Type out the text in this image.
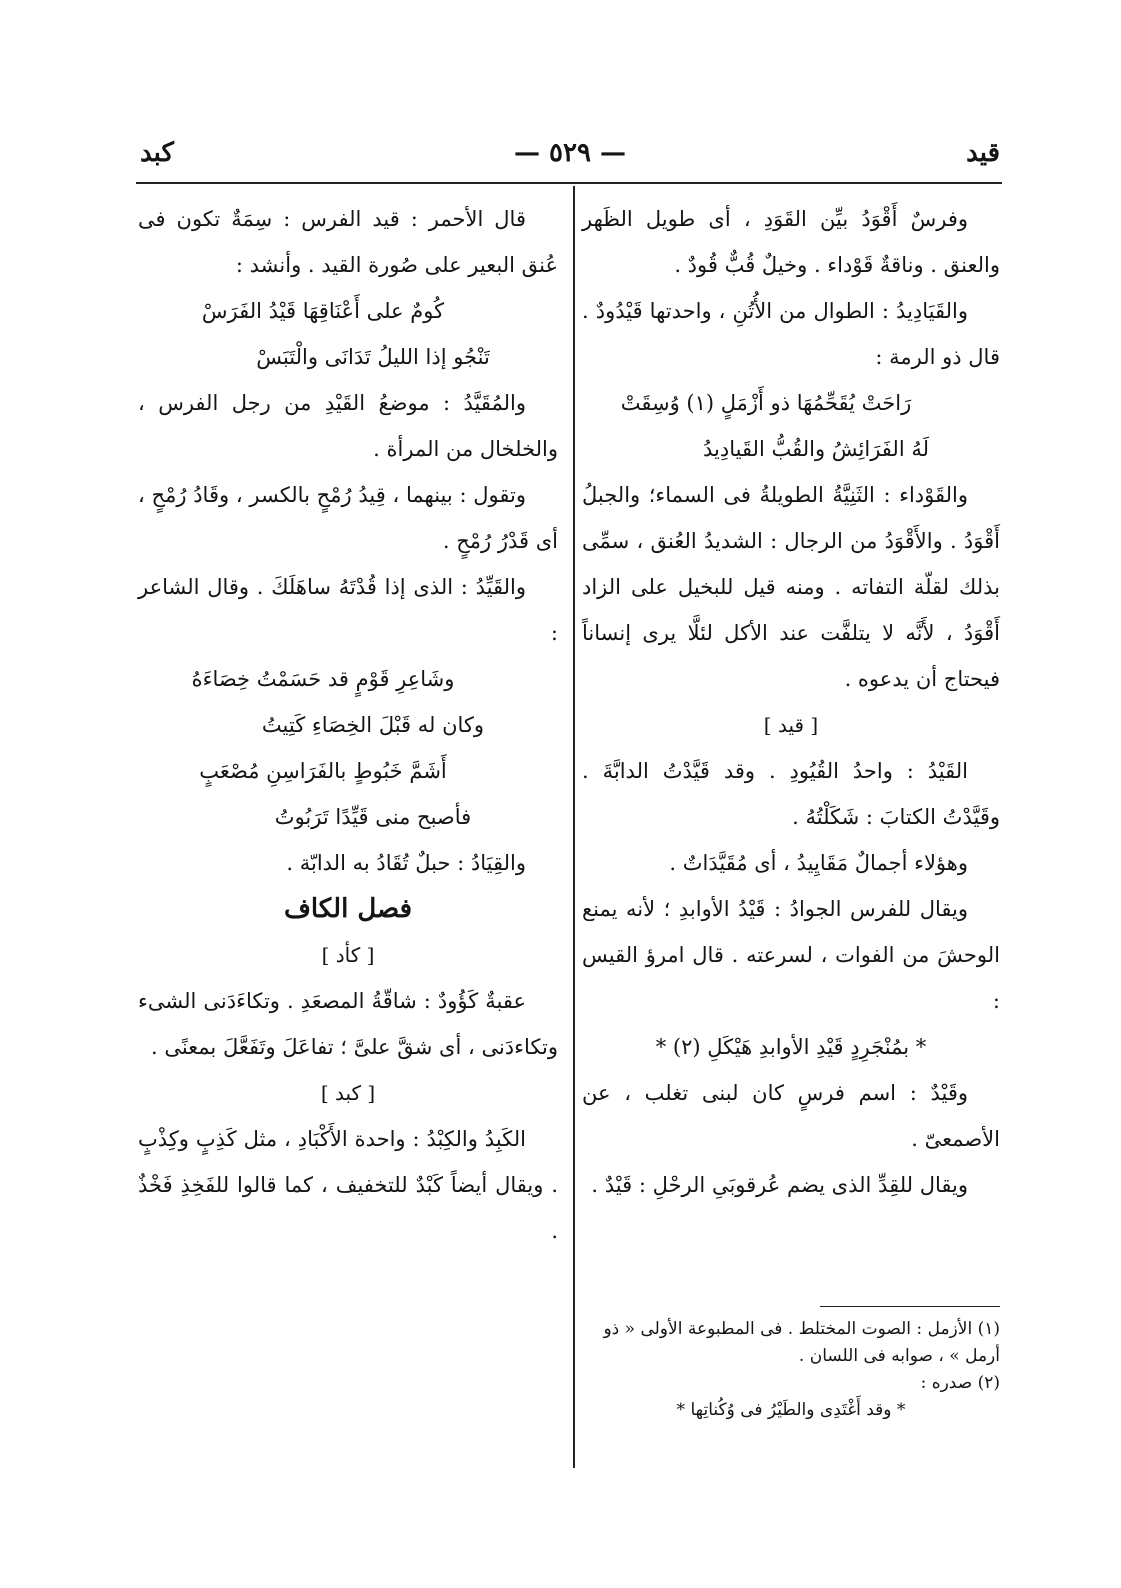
قيد
— ٥٢٩ —
كبد

وفرسٌ أَقْوَدُ بيِّن القَوَدِ ، أى طويل الظَهر والعنق . وناقةٌ قَوْداء . وخيلٌ قُبٌّ قُودٌ .

والقَيَادِيدُ : الطوال من الأُتُنِ ، واحدتها قَيْدُودٌ . قال ذو الرمة :

رَاحَتْ يُقَحِّمُهَا ذو أَزْمَلٍ (١) وُسِقَتْ

لَهُ الفَرَائِشُ والقُبُّ القَيادِيدُ

والقَوْداء : الثَنِيَّةُ الطويلةُ فى السماء؛ والجبلُ أَقْوَدُ . والأَقْوَدُ من الرجال : الشديدُ العُنق ، سمِّى بذلك لقلّة التفاته . ومنه قيل للبخيل على الزاد أَقْوَدُ ، لأَنَّه لا يتلفَّت عند الأكل لئلَّا يرى إنساناً فيحتاج أن يدعوه .

[ قيد ]

القَيْدُ : واحدُ القُيُودِ . وقد قَيَّدْتُ الدابَّةَ . وقَيَّدْتُ الكتابَ : شَكَلْتُهُ .

وهؤلاء أجمالٌ مَقَايِيدُ ، أى مُقَيَّدَاتٌ .

ويقال للفرس الجوادُ : قَيْدُ الأوابدِ ؛ لأنه يمنع الوحشَ من الفوات ، لسرعته . قال امرؤ القيس :

* بمُنْجَرِدٍ قَيْدِ الأوابدِ هَيْكَلِ (٢) *

وقَيْدٌ : اسم فرسٍ كان لبنى تغلب ، عن الأصمعىّ .

ويقال للقِدِّ الذى يضم عُرقوبَىِ الرحْلِ : قَيْدٌ .

(١) الأزمل : الصوت المختلط . فى المطبوعة الأولى « ذو أرمل » ، صوابه فى اللسان .

(٢) صدره :

* وقد أَغْتَدِى والطَيْرُ فى وُكُناتِها *

قال الأحمر : قيد الفرس : سِمَةٌ تكون فى عُنق البعير على صُورة القيد . وأنشد :

كُومٌ على أَعْنَاقِهَا قَيْدُ الفَرَسْ

تَنْجُو إذا الليلُ تَدَانَى والْتَبَسْ

والمُقَيَّدُ : موضعُ القَيْدِ من رجل الفرس ، والخلخال من المرأة .

وتقول : بينهما ، قِيدُ رُمْحٍ بالكسر ، وقَادُ رُمْحٍ ، أى قَدْرُ رُمْحٍ .

والقَيِّدُ : الذى إذا قُدْتَهُ ساهَلَكَ . وقال الشاعر :

وشَاعِرِ قَوْمٍ قد حَسَمْتُ خِصَاءَهُ

وكان له قَبْلَ الخِصَاءِ كَتِيتُ

أَشَمَّ خَبُوطٍ بالفَرَاسِنِ مُصْعَبٍ

فأصبح منى قَيِّدًا تَرَبُوتُ

والقِيَادُ : حبلٌ تُقَادُ به الدابّة .

فصل الكاف

[ كأد ]

عقبةٌ كَؤُودٌ : شاقّةُ المصعَدِ . وتكاءَدَنى الشىء وتكاءدَنى ، أى شقَّ علىَّ ؛ تفاعَلَ وتَفَعَّلَ بمعنًى .

[ كبد ]

الكَبِدُ والكِبْدُ : واحدة الأَكْبَادِ ، مثل كَذِبٍ وكِذْبٍ . ويقال أيضاً كَبْدٌ للتخفيف ، كما قالوا للفَخِذِ فَخْذٌ .
